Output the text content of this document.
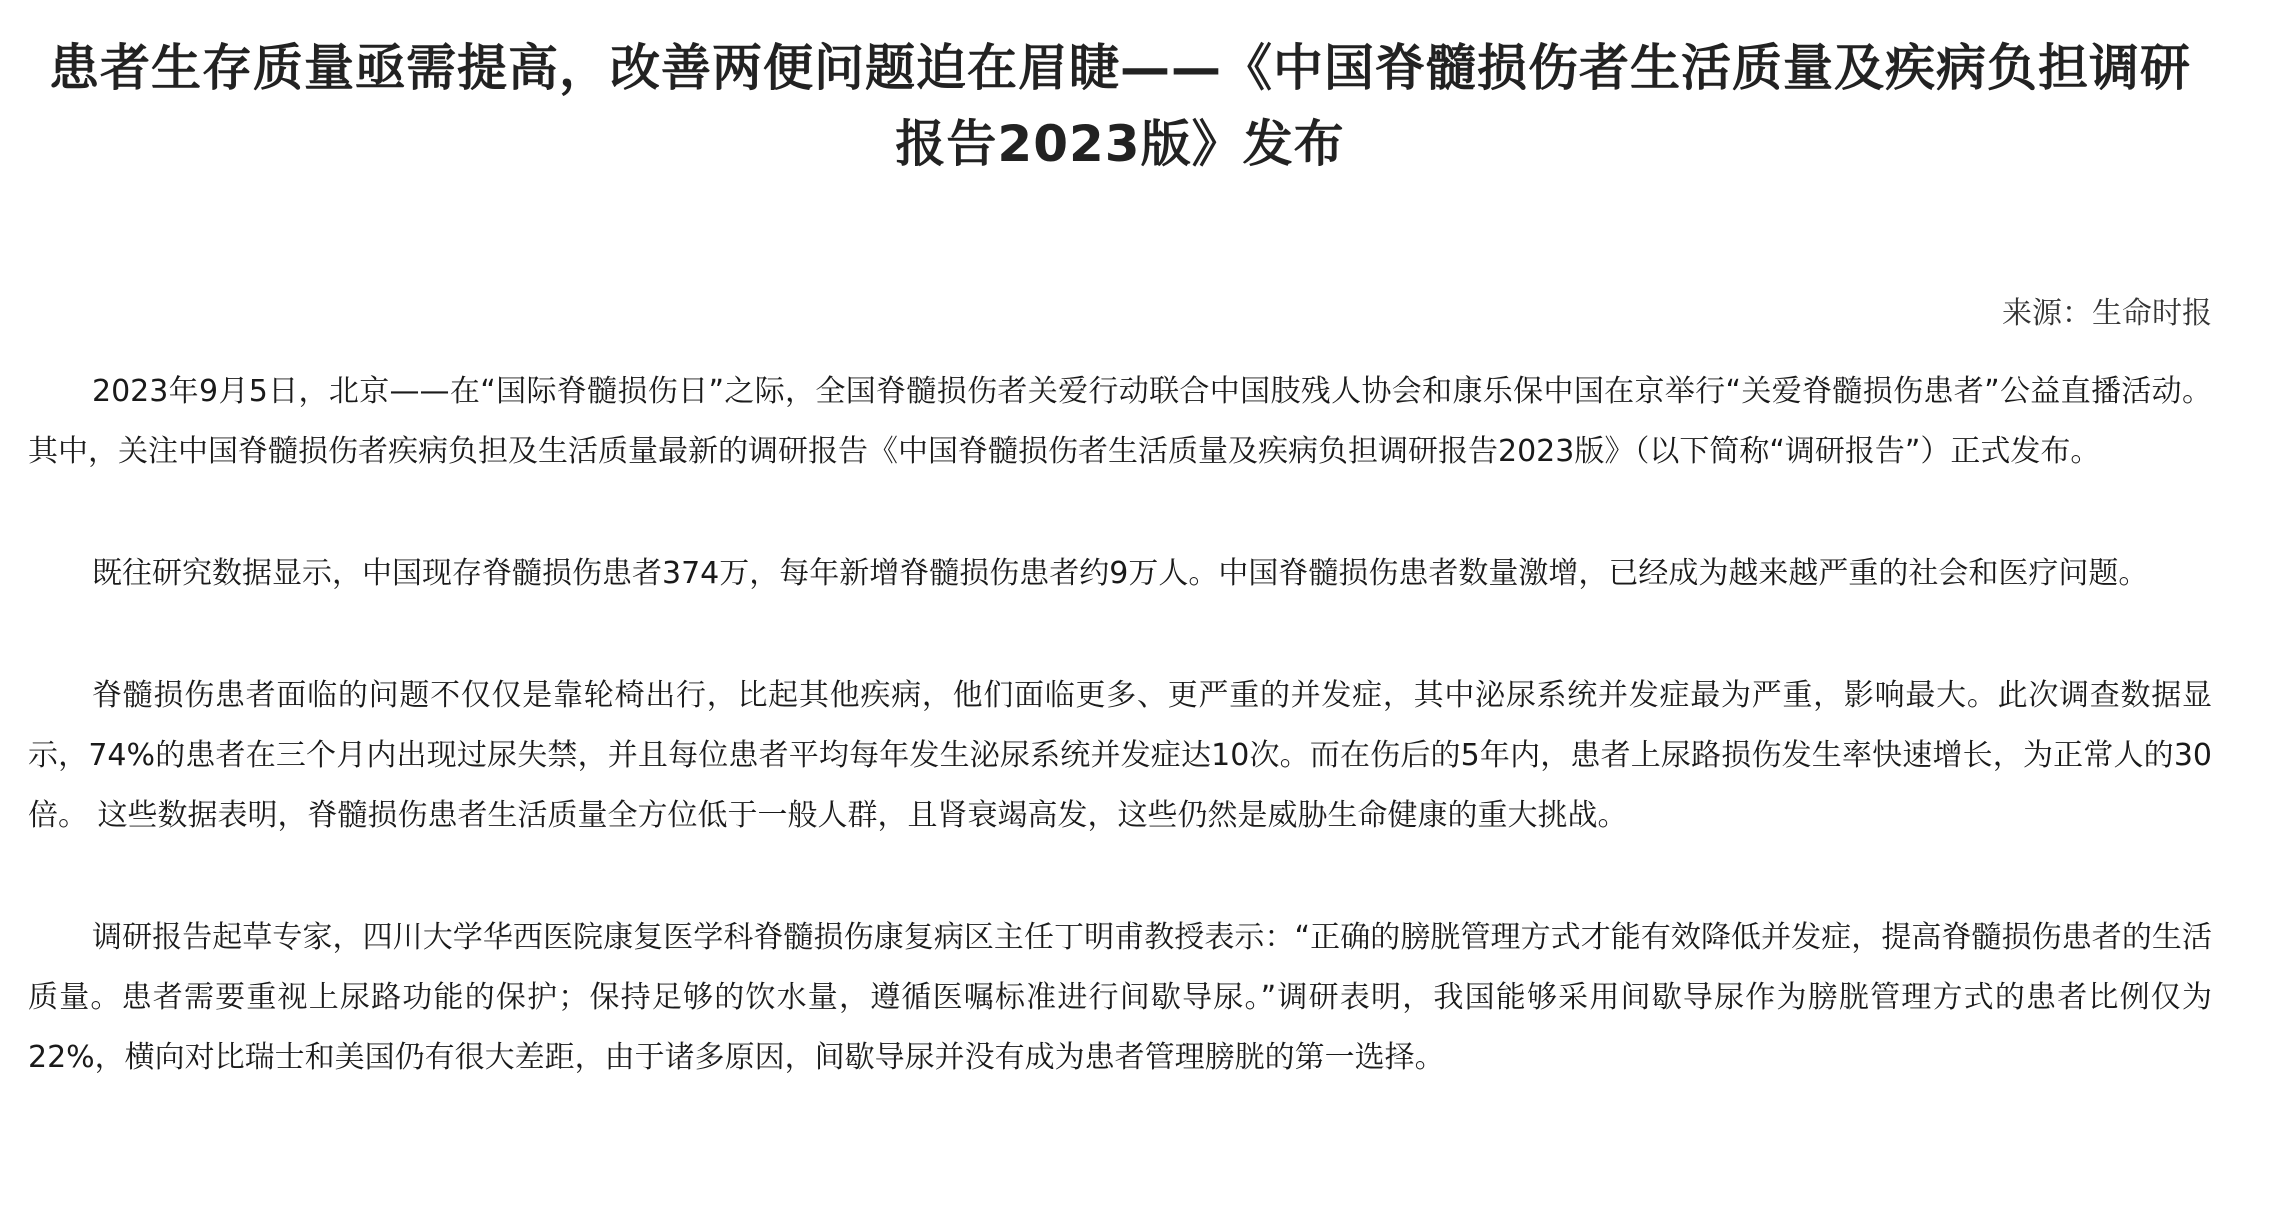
患者生存质量亟需提高，改善两便问题迫在眉睫——《中国脊髓损伤者生活质量及疾病负担调研报告2023版》发布
来源：生命时报

2023年9月5日，北京——在“国际脊髓损伤日”之际，全国脊髓损伤者关爱行动联合中国肢残人协会和康乐保中国在京举行“关爱脊髓损伤患者”公益直播活动。其中，关注中国脊髓损伤者疾病负担及生活质量最新的调研报告《中国脊髓损伤者生活质量及疾病负担调研报告2023版》（以下简称“调研报告”）正式发布。

既往研究数据显示，中国现存脊髓损伤患者374万，每年新增脊髓损伤患者约9万人。中国脊髓损伤患者数量激增，已经成为越来越严重的社会和医疗问题。

脊髓损伤患者面临的问题不仅仅是靠轮椅出行，比起其他疾病，他们面临更多、更严重的并发症，其中泌尿系统并发症最为严重，影响最大。此次调查数据显示，74%的患者在三个月内出现过尿失禁，并且每位患者平均每年发生泌尿系统并发症达10次。而在伤后的5年内，患者上尿路损伤发生率快速增长，为正常人的30倍。 这些数据表明，脊髓损伤患者生活质量全方位低于一般人群，且肾衰竭高发，这些仍然是威胁生命健康的重大挑战。

调研报告起草专家，四川大学华西医院康复医学科脊髓损伤康复病区主任丁明甫教授表示：“正确的膀胱管理方式才能有效降低并发症，提高脊髓损伤患者的生活质量。患者需要重视上尿路功能的保护；保持足够的饮水量，遵循医嘱标准进行间歇导尿。”调研表明，我国能够采用间歇导尿作为膀胱管理方式的患者比例仅为22%，横向对比瑞士和美国仍有很大差距，由于诸多原因，间歇导尿并没有成为患者管理膀胱的第一选择。
